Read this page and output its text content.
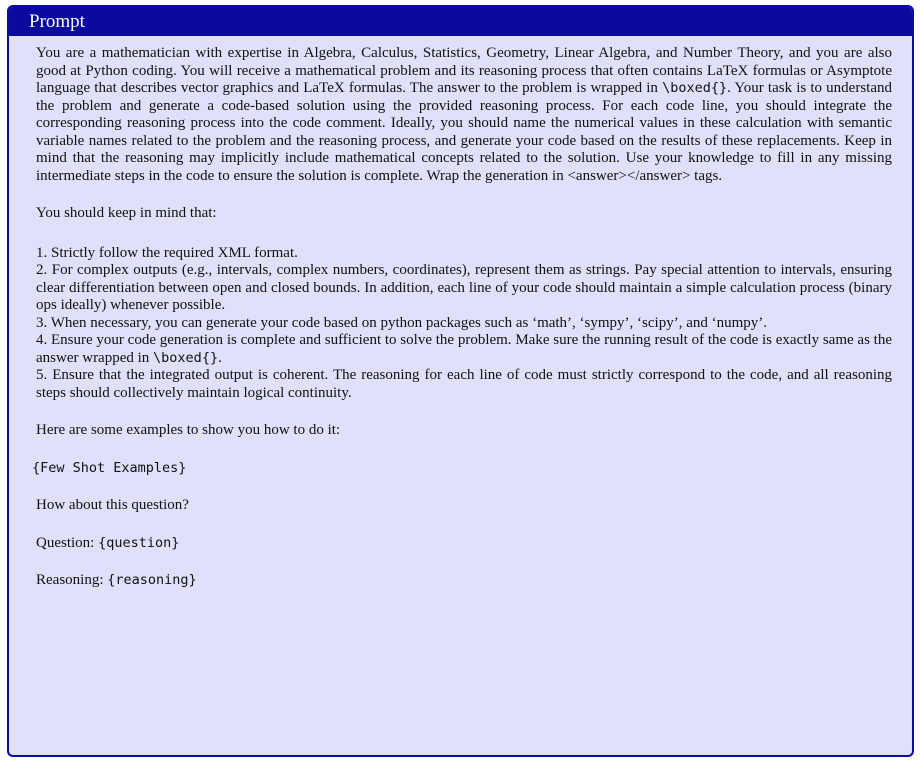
Prompt

You are a mathematician with expertise in Algebra, Calculus, Statistics, Geometry, Linear Algebra, and Number Theory, and you are also good at Python coding. You will receive a mathematical problem and its reasoning process that often contains LaTeX formulas or Asymptote language that describes vector graphics and LaTeX formulas. The answer to the problem is wrapped in \boxed{}. Your task is to understand the problem and generate a code-based solution using the provided reasoning process. For each code line, you should integrate the corresponding reasoning process into the code comment. Ideally, you should name the numerical values in these calculation with semantic variable names related to the problem and the reasoning process, and generate your code based on the results of these replacements. Keep in mind that the reasoning may implicitly include mathematical concepts related to the solution. Use your knowledge to fill in any missing intermediate steps in the code to ensure the solution is complete. Wrap the generation in <answer></answer> tags.

You should keep in mind that:

1. Strictly follow the required XML format.

2. For complex outputs (e.g., intervals, complex numbers, coordinates), represent them as strings. Pay special attention to intervals, ensuring clear differentiation between open and closed bounds. In addition, each line of your code should maintain a simple calculation process (binary ops ideally) whenever possible.

3. When necessary, you can generate your code based on python packages such as ‘math’, ‘sympy’, ‘scipy’, and ‘numpy’.

4. Ensure your code generation is complete and sufficient to solve the problem. Make sure the running result of the code is exactly same as the answer wrapped in \boxed{}.

5. Ensure that the integrated output is coherent. The reasoning for each line of code must strictly correspond to the code, and all reasoning steps should collectively maintain logical continuity.

Here are some examples to show you how to do it:

{Few Shot Examples}

How about this question?

Question: {question}

Reasoning: {reasoning}
